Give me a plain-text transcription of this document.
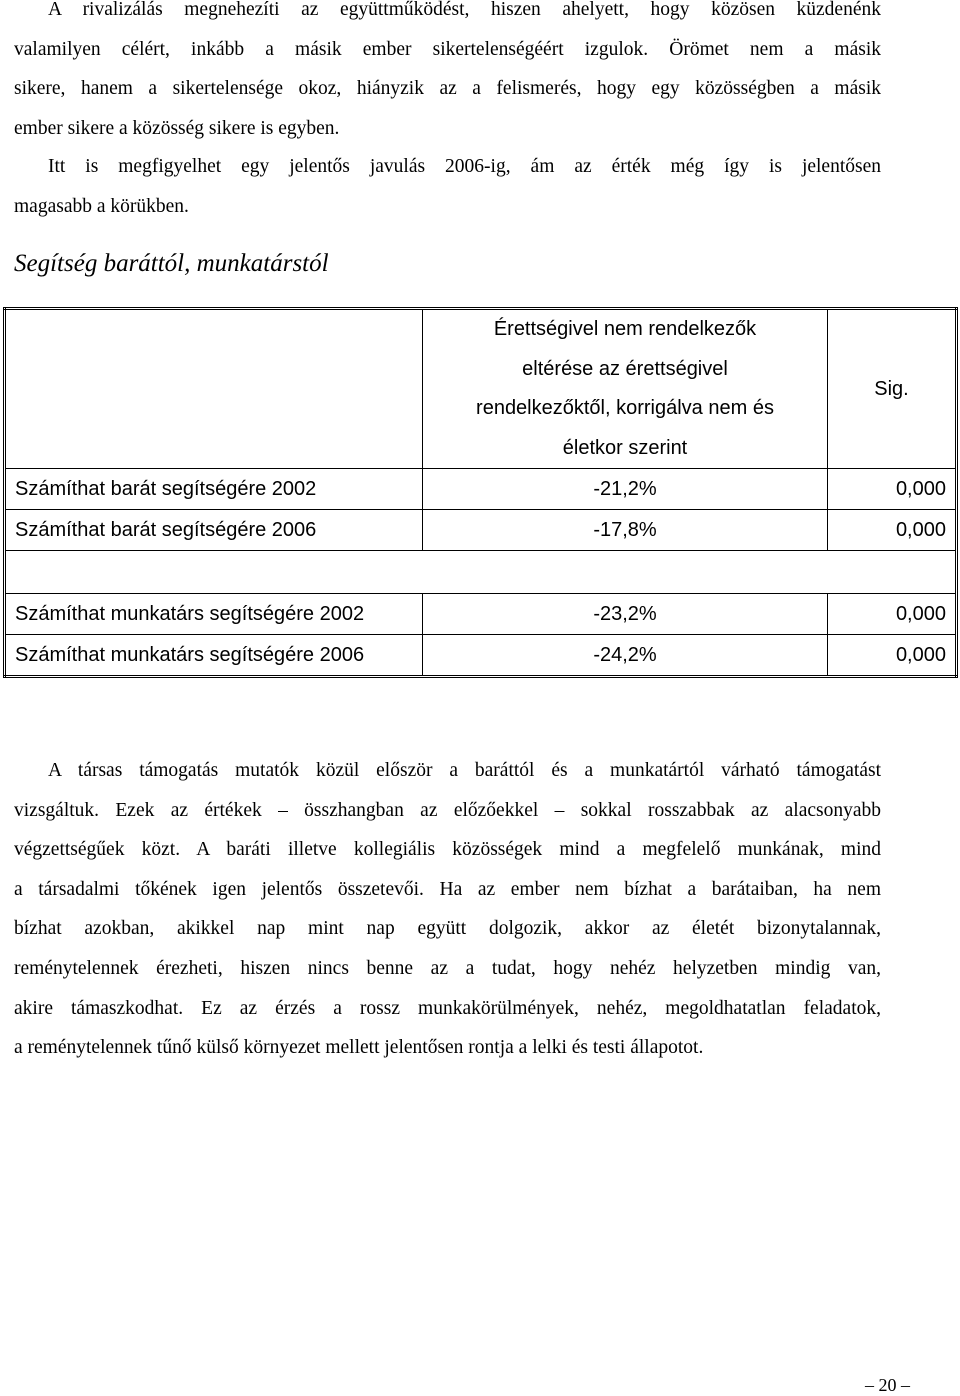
A rivalizálás megnehezíti az együttműködést, hiszen ahelyett, hogy közösen küzdenénk
valamilyen célért, inkább a másik ember sikertelenségéért izgulok. Örömet nem a másik
sikere, hanem a sikertelensége okoz, hiányzik az a felismerés, hogy egy közösségben a másik
ember sikere a közösség sikere is egyben.
Itt is megfigyelhet egy jelentős javulás 2006-ig, ám az érték még így is jelentősen
magasabb a körükben.
Segítség baráttól, munkatárstól

	Érettségivel nem rendelkezők
eltérése az érettségivel
rendelkezőktől, korrigálva nem és
életkor szerint	Sig.
Számíthat barát segítségére 2002	-21,2%	0,000
Számíthat barát segítségére 2006	-17,8%	0,000

Számíthat munkatárs segítségére 2002	-23,2%	0,000
Számíthat munkatárs segítségére 2006	-24,2%	0,000
A társas támogatás mutatók közül először a baráttól és a munkatártól várható támogatást
vizsgáltuk. Ezek az értékek – összhangban az előzőekkel – sokkal rosszabbak az alacsonyabb
végzettségűek közt. A baráti illetve kollegiális közösségek mind a megfelelő munkának, mind
a társadalmi tőkének igen jelentős összetevői. Ha az ember nem bízhat a barátaiban, ha nem
bízhat azokban, akikkel nap mint nap együtt dolgozik, akkor az életét bizonytalannak,
reménytelennek érezheti, hiszen nincs benne az a tudat, hogy nehéz helyzetben mindig van,
akire támaszkodhat. Ez az érzés a rossz munkakörülmények, nehéz, megoldhatatlan feladatok,
a reménytelennek tűnő külső környezet mellett jelentősen rontja a lelki és testi állapotot.
– 20 –
